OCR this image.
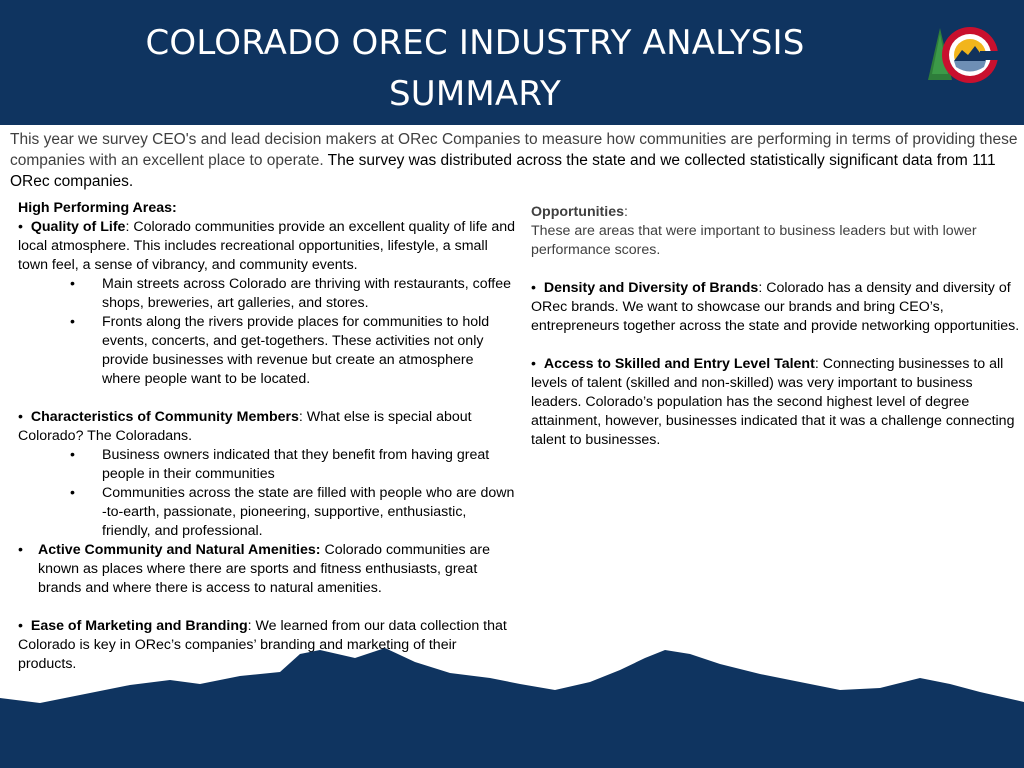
COLORADO OREC INDUSTRY ANALYSIS SUMMARY
This year we survey CEO's and lead decision makers at ORec Companies to measure how communities are performing in terms of providing these companies with an excellent place to operate. The survey was distributed across the state and we collected statistically significant data from 111 ORec companies.

High Performing Areas:

• Quality of Life: Colorado communities provide an excellent quality of life and local atmosphere. This includes recreational opportunities, lifestyle, a small town feel, a sense of vibrancy, and community events.

•	Main streets across Colorado are thriving with restaurants, coffee shops, breweries, art galleries, and stores.
•	Fronts along the rivers provide places for communities to hold events, concerts, and get-togethers. These activities not only provide businesses with revenue but create an atmosphere where people want to be located.

• Characteristics of Community Members: What else is special about Colorado? The Coloradans.

•	Business owners indicated that they benefit from having great people in their communities
•	Communities across the state are filled with people who are down -to-earth, passionate, pioneering, supportive, enthusiastic, friendly, and professional.
•	Active Community and Natural Amenities: Colorado communities are known as places where there are sports and fitness enthusiasts, great brands and where there is access to natural amenities.

• Ease of Marketing and Branding: We learned from our data collection that Colorado is key in ORec’s companies’ branding and marketing of their products.

Opportunities:

These are areas that were important to business leaders but with lower performance scores.

• Density and Diversity of Brands: Colorado has a density and diversity of ORec brands. We want to showcase our brands and bring CEO’s, entrepreneurs together across the state and provide networking opportunities.

• Access to Skilled and Entry Level Talent: Connecting businesses to all levels of talent (skilled and non-skilled) was very important to business leaders. Colorado’s population has the second highest level of degree attainment, however, businesses indicated that it was a challenge connecting talent to businesses.
